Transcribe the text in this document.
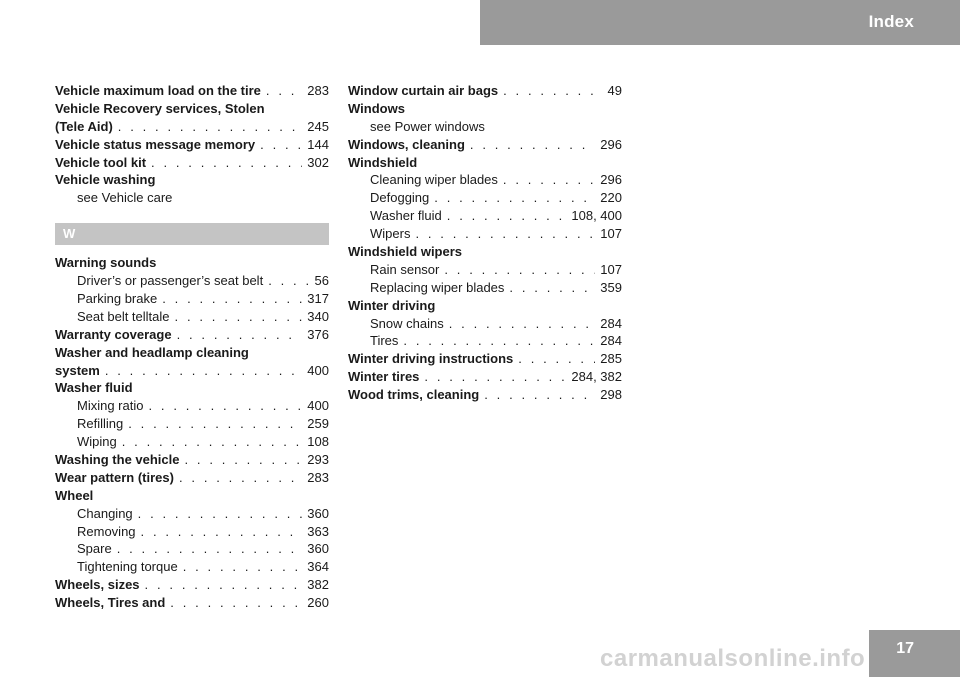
Index
Vehicle maximum load on the tire . . .	283
Vehicle Recovery services, Stolen
(Tele Aid) . . .	245
Vehicle status message memory . . .	144
Vehicle tool kit . . .	302
Vehicle washing
see Vehicle care
W
Warning sounds
Driver’s or passenger’s seat belt . . .	56
Parking brake . . .	317
Seat belt telltale . . .	340
Warranty coverage . . .	376
Washer and headlamp cleaning
system . . .	400
Washer fluid
Mixing ratio . . .	400
Refilling . . .	259
Wiping . . .	108
Washing the vehicle . . .	293
Wear pattern (tires) . . .	283
Wheel
Changing . . .	360
Removing . . .	363
Spare . . .	360
Tightening torque . . .	364
Wheels, sizes . . .	382
Wheels, Tires and . . .	260
Window curtain air bags . . .	49
Windows
see Power windows
Windows, cleaning . . .	296
Windshield
Cleaning wiper blades . . .	296
Defogging . . .	220
Washer fluid . . .	108, 400
Wipers . . .	107
Windshield wipers
Rain sensor . . .	107
Replacing wiper blades . . .	359
Winter driving
Snow chains . . .	284
Tires . . .	284
Winter driving instructions . . .	285
Winter tires . . .	284, 382
Wood trims, cleaning . . .	298
17
carmanualsonline.info
